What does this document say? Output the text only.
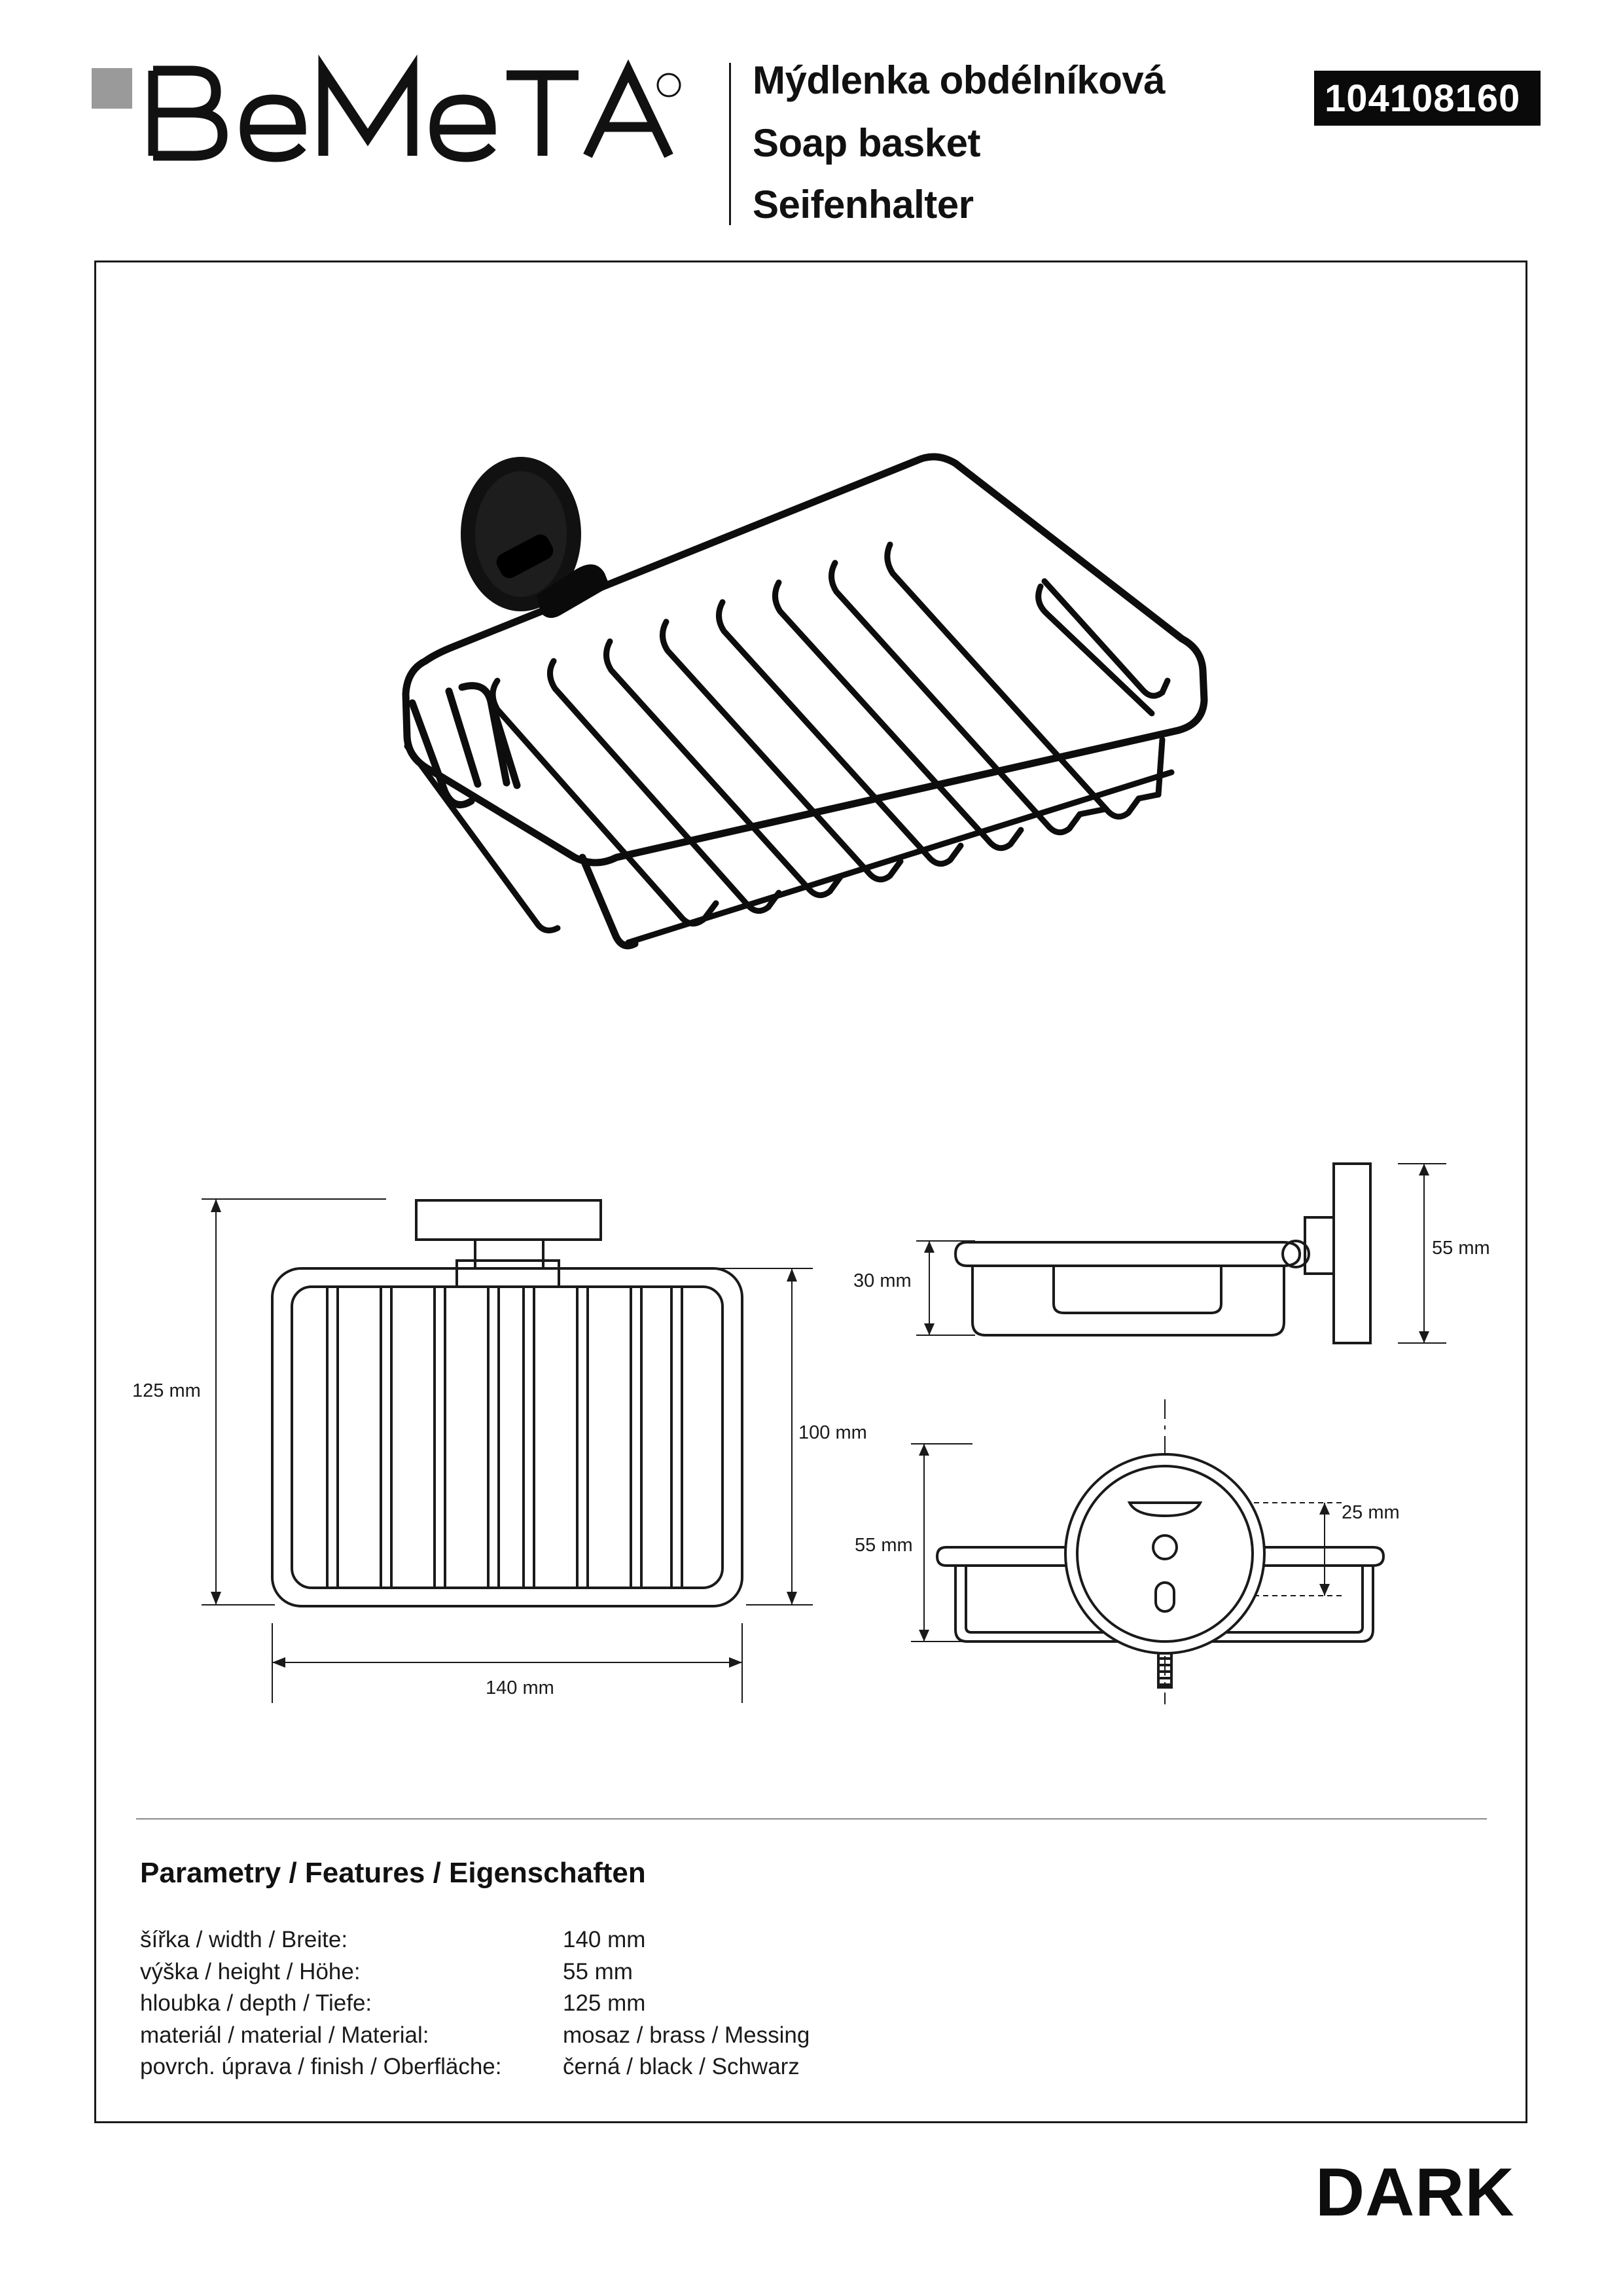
Mýdlenka obdélníková
Soap basket
Seifenhalter
104108160
125 mm
100 mm
140 mm
30 mm
55 mm
55 mm
25 mm
Parametry / Features / Eigenschaften
šířka / width / Breite:	140 mm
výška / height / Höhe:	55 mm
hloubka / depth / Tiefe:	125 mm
materiál / material / Material:	mosaz / brass / Messing
povrch. úprava / finish / Oberfläche:	černá / black / Schwarz
DARK
